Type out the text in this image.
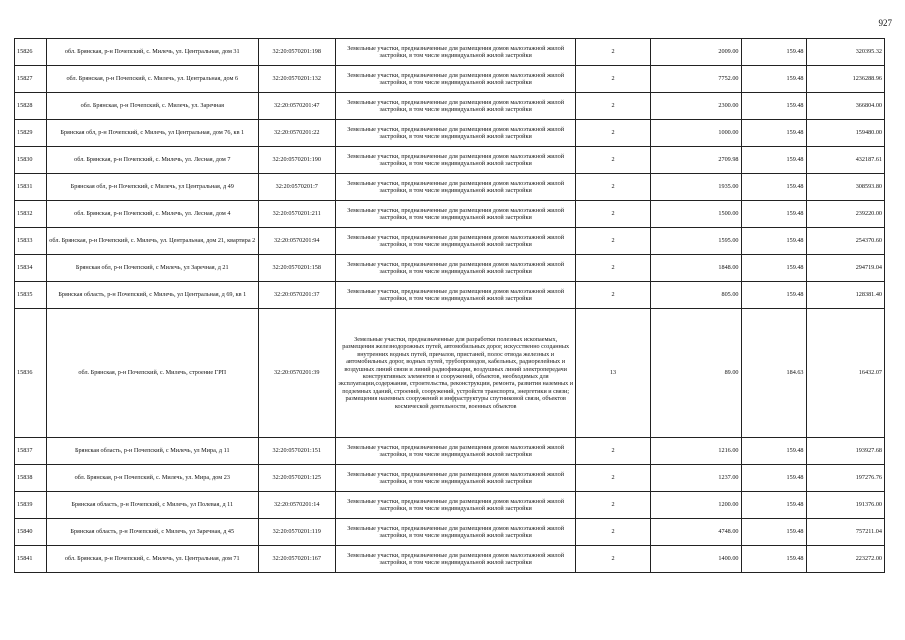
927
15826	обл. Брянская, р-н Почепский, с. Милечь, ул. Центральная, дом 31	32:20:0570201:198	Земельные участки, предназначенные для размещения домов малоэтажной жилой застройки, в том числе индивидуальной жилой застройки	2	2009.00	159.48	320395.32
15827	обл. Брянская, р-н Почепский, с. Милечь, ул. Центральная, дом 6	32:20:0570201:132	Земельные участки, предназначенные для размещения домов малоэтажной жилой застройки, в том числе индивидуальной жилой застройки	2	7752.00	159.48	1236288.96
15828	обл. Брянская, р-н Почепский, с. Милечь, ул. Заречная	32:20:0570201:47	Земельные участки, предназначенные для размещения домов малоэтажной жилой застройки, в том числе индивидуальной жилой застройки	2	2300.00	159.48	366804.00
15829	Брянская обл, р-н Почепский, с Милечь, ул Центральная, дом 76, кв 1	32:20:0570201:22	Земельные участки, предназначенные для размещения домов малоэтажной жилой застройки, в том числе индивидуальной жилой застройки	2	1000.00	159.48	159480.00
15830	обл. Брянская, р-н Почепский, с. Милечь, ул. Лесная, дом 7	32:20:0570201:190	Земельные участки, предназначенные для размещения домов малоэтажной жилой застройки, в том числе индивидуальной жилой застройки	2	2709.98	159.48	432187.61
15831	Брянская обл, р-н Почепский, с Милечь, ул Центральная, д 49	32:20:0570201:7	Земельные участки, предназначенные для размещения домов малоэтажной жилой застройки, в том числе индивидуальной жилой застройки	2	1935.00	159.48	308593.80
15832	обл. Брянская, р-н Почепский, с. Милечь, ул. Лесная, дом 4	32:20:0570201:211	Земельные участки, предназначенные для размещения домов малоэтажной жилой застройки, в том числе индивидуальной жилой застройки	2	1500.00	159.48	239220.00
15833	обл. Брянская, р-н Почепский, с. Милечь, ул. Центральная, дом 21, квартира 2	32:20:0570201:94	Земельные участки, предназначенные для размещения домов малоэтажной жилой застройки, в том числе индивидуальной жилой застройки	2	1595.00	159.48	254370.60
15834	Брянская обл, р-н Почепский, с Милечь, ул Заречная, д 21	32:20:0570201:158	Земельные участки, предназначенные для размещения домов малоэтажной жилой застройки, в том числе индивидуальной жилой застройки	2	1848.00	159.48	294719.04
15835	Брянская область, р-н Почепский, с Милечь, ул Центральная, д 69, кв 1	32:20:0570201:37	Земельные участки, предназначенные для размещения домов малоэтажной жилой застройки, в том числе индивидуальной жилой застройки	2	805.00	159.48	128381.40
15836	обл. Брянская, р-н Почепский, с. Милечь, строение ГРП	32:20:0570201:39	Земельные участки, предназначенные для разработки полезных ископаемых, размещения железнодорожных путей, автомобильных дорог, искусственно созданных внутренних водных путей, причалов, пристаней, полос отвода железных и автомобильных дорог, водных путей, трубопроводов, кабельных, радиорелейных и воздушных линий связи и линий радиофикации, воздушных линий электропередачи конструктивных элементов и сооружений, объектов, необходимых для эксплуатации,содержания, строительства, реконструкции, ремонта, развития наземных и подземных зданий, строений, сооружений, устройств транспорта, энергетики и связи; размещения наземных сооружений и инфраструктуры спутниковой связи, объектов космической деятельности, военных объектов	13	89.00	184.63	16432.07
15837	Брянская область, р-н Почепский, с Милечь, ул Мира, д 11	32:20:0570201:151	Земельные участки, предназначенные для размещения домов малоэтажной жилой застройки, в том числе индивидуальной жилой застройки	2	1216.00	159.48	193927.68
15838	обл. Брянская, р-н Почепский, с. Милечь, ул. Мира, дом 23	32:20:0570201:125	Земельные участки, предназначенные для размещения домов малоэтажной жилой застройки, в том числе индивидуальной жилой застройки	2	1237.00	159.48	197276.76
15839	Брянская область, р-н Почепский, с Милечь, ул Полевая, д 11	32:20:0570201:14	Земельные участки, предназначенные для размещения домов малоэтажной жилой застройки, в том числе индивидуальной жилой застройки	2	1200.00	159.48	191376.00
15840	Брянская область, р-н Почепский, с Милечь, ул Заречная, д 45	32:20:0570201:119	Земельные участки, предназначенные для размещения домов малоэтажной жилой застройки, в том числе индивидуальной жилой застройки	2	4748.00	159.48	757211.04
15841	обл. Брянская, р-н Почепский, с. Милечь, ул. Центральная, дом 71	32:20:0570201:167	Земельные участки, предназначенные для размещения домов малоэтажной жилой застройки, в том числе индивидуальной жилой застройки	2	1400.00	159.48	223272.00
